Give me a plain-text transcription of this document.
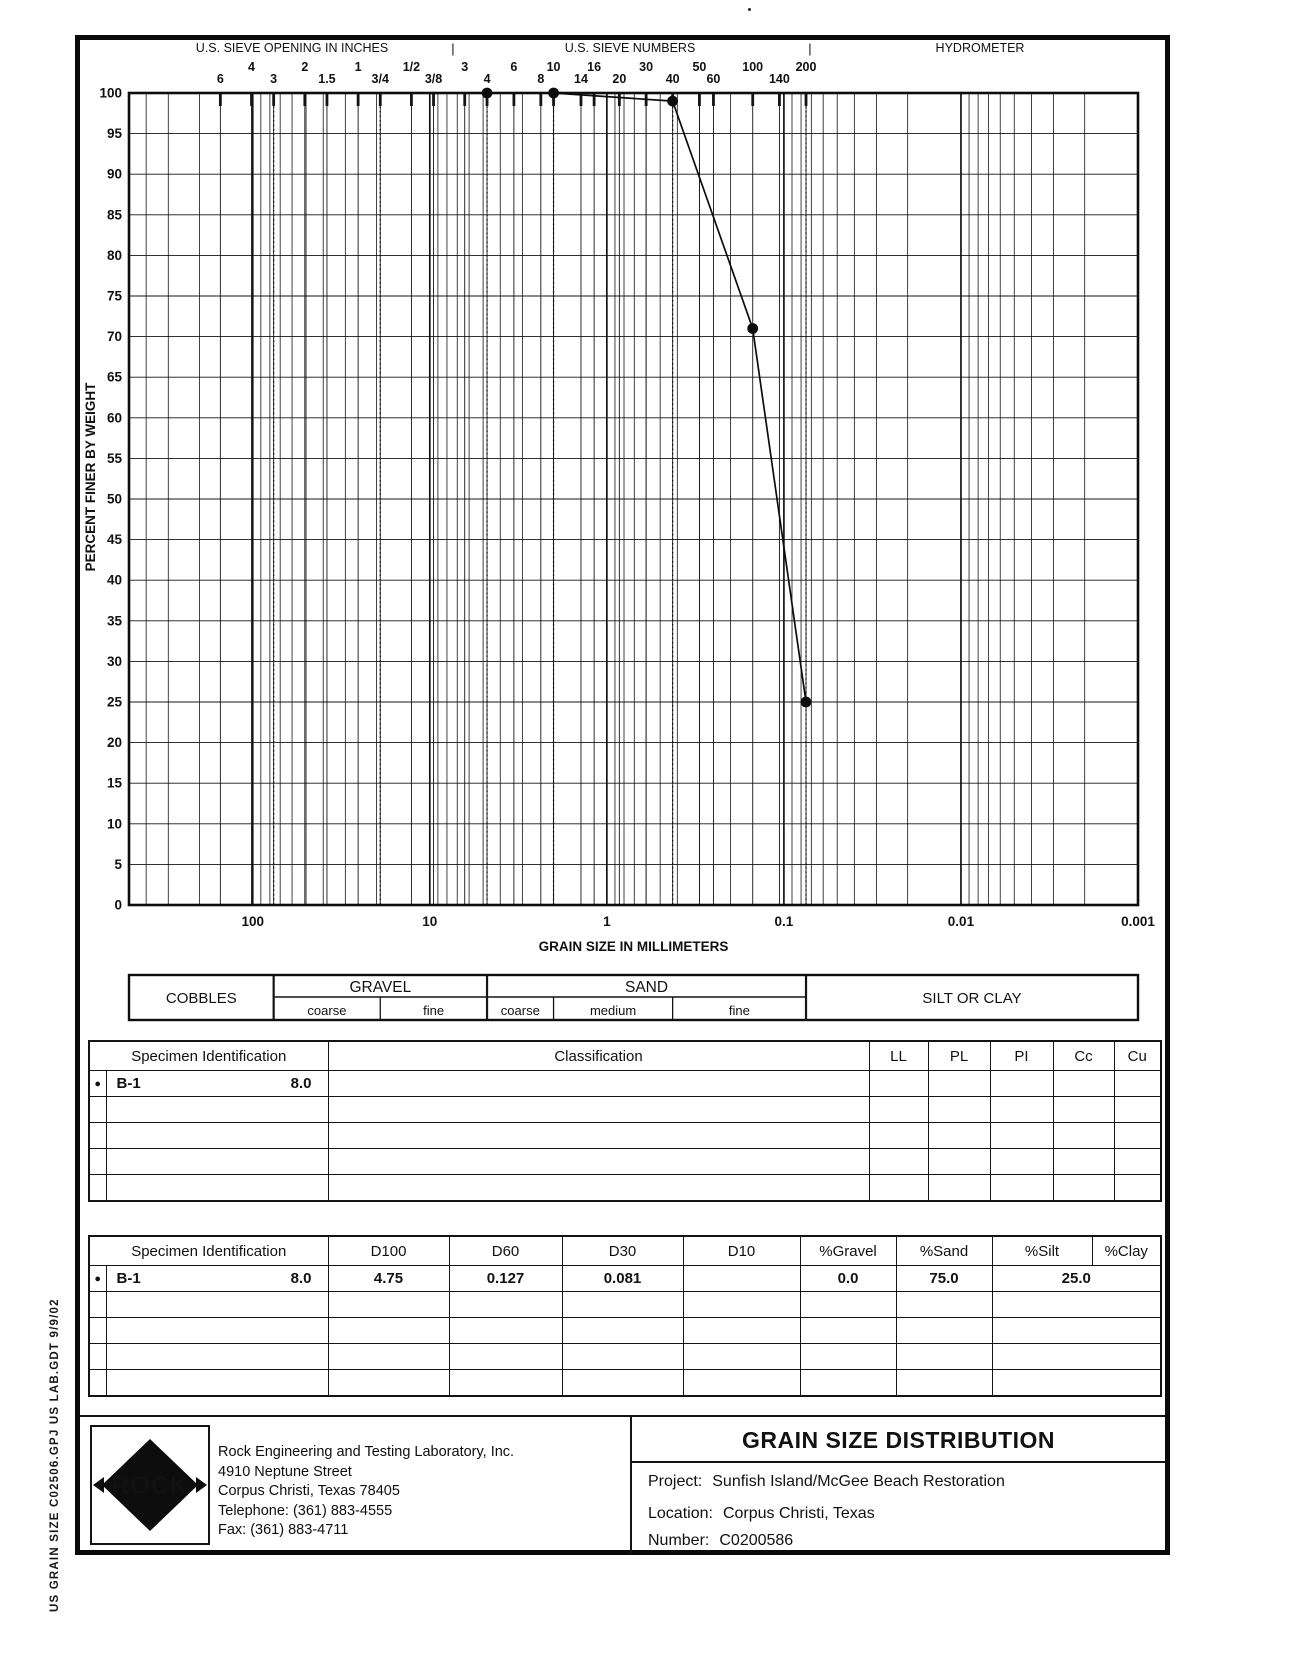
US GRAIN SIZE C02506.GPJ US LAB.GDT 9/9/02
6
4
3
2
1.5
1
3/4
1/2
3/8
3
4
6
8
10
14
16
20
30
40
50
60
100
140
200
0
5
10
15
20
25
30
35
40
45
50
55
60
65
70
75
80
85
90
95
100
100	10	1	0.1	0.01	0.001
GRAIN SIZE IN MILLIMETERS
PERCENT FINER BY WEIGHT
U.S. SIEVE OPENING IN INCHES	U.S. SIEVE NUMBERS	HYDROMETER
|	|
COBBLES
GRAVEL
coarse	fine
SAND
coarse	medium	fine
SILT OR CLAY
Specimen Identification		Classification	LL	PL	PI	Cc	Cu
●	B-1 8.0						

Specimen Identification		D100	D60	D30	D10	%Gravel	%Sand	%Silt	%Clay
●	B-1 8.0	4.75	0.127	0.081		0.0	75.0	25.0	

ROCK
Rock Engineering and Testing Laboratory, Inc.
4910 Neptune Street
Corpus Christi, Texas 78405
Telephone: (361) 883-4555
Fax: (361) 883-4711
GRAIN SIZE DISTRIBUTION
Project: Sunfish Island/McGee Beach Restoration
Location: Corpus Christi, Texas
Number: C0200586
